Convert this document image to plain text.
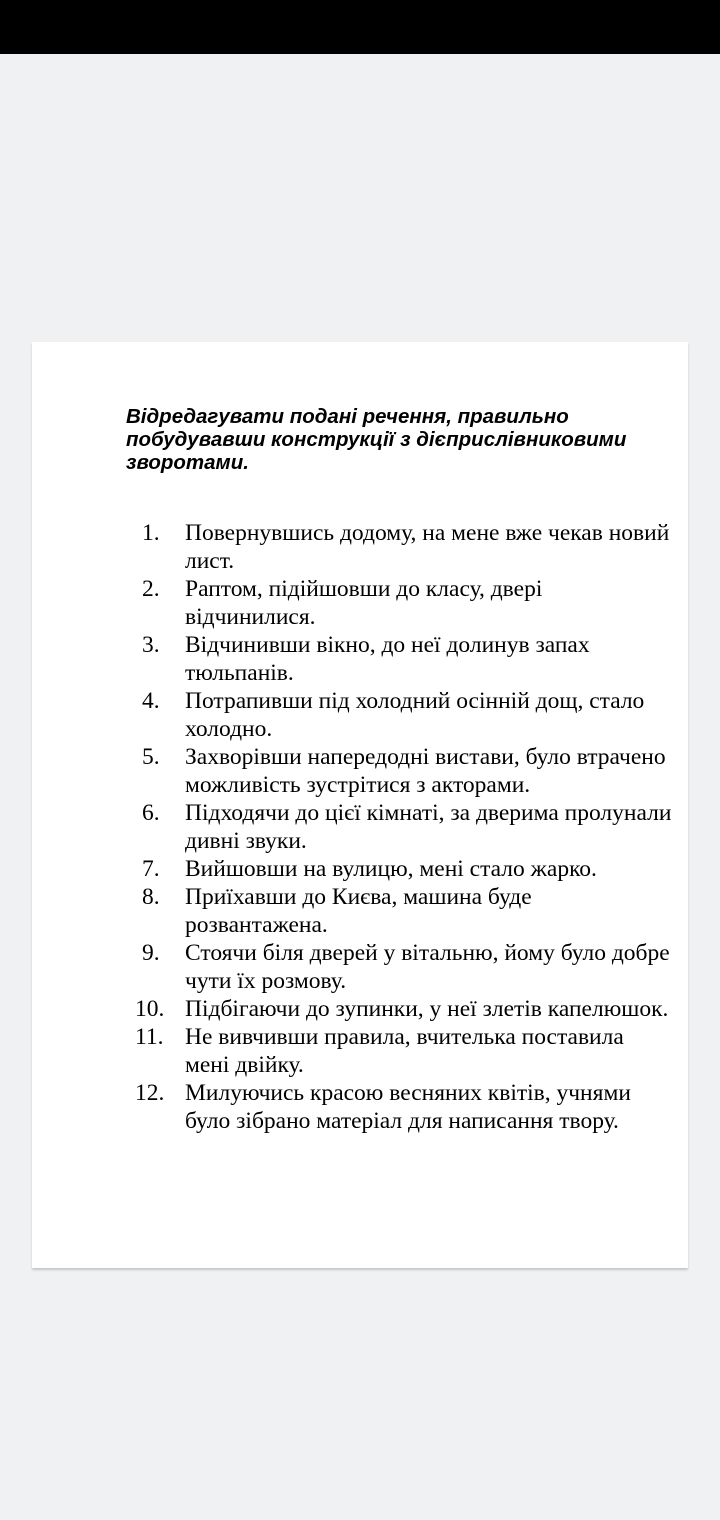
Відредагувати подані речення, правильно побудувавши конструкції з дієприслівниковими зворотами.

1. Повернувшись додому, на мене вже чекав новий лист.
2. Раптом, підійшовши до класу, двері відчинилися.
3. Відчинивши вікно, до неї долинув запах тюльпанів.
4. Потрапивши під холодний осінній дощ, стало холодно.
5. Захворівши напередодні вистави, було втрачено можливість зустрітися з акторами.
6. Підходячи до цієї кімнаті, за дверима пролунали дивні звуки.
7. Вийшовши на вулицю, мені стало жарко.
8. Приїхавши до Києва, машина буде розвантажена.
9. Стоячи біля дверей у вітальню, йому було добре чути їх розмову.
10. Підбігаючи до зупинки, у неї злетів капелюшок.
11. Не вивчивши правила, вчителька поставила мені двійку.
12. Милуючись красою весняних квітів, учнями було зібрано матеріал для написання твору.
